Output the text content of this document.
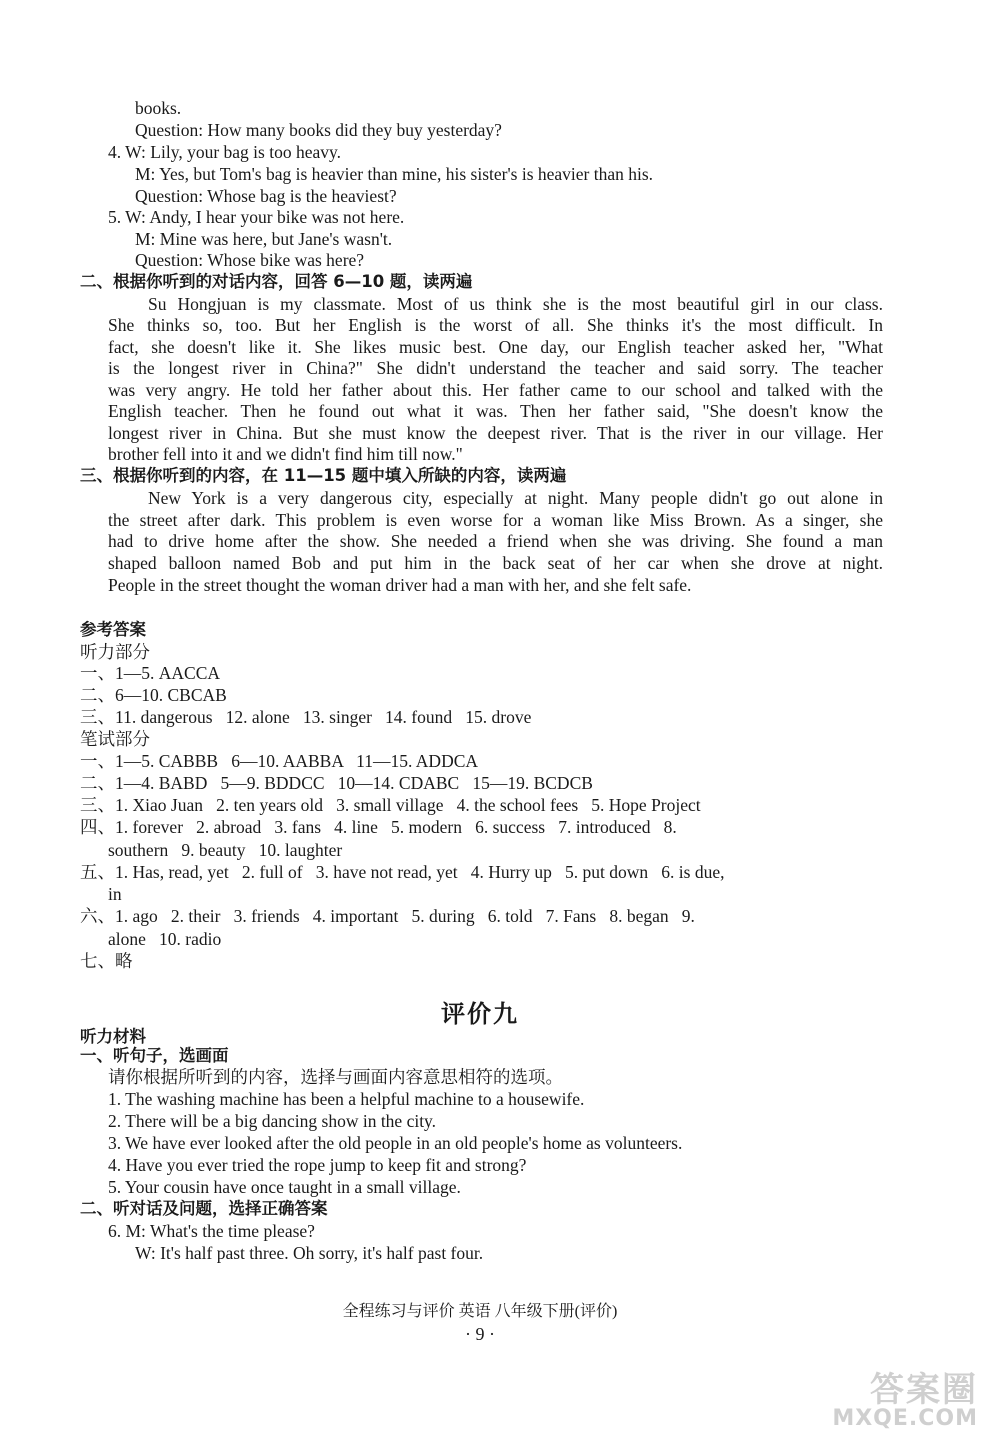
books.
Question: How many books did they buy yesterday?
4. W: Lily, your bag is too heavy.
M: Yes, but Tom's bag is heavier than mine, his sister's is heavier than his.
Question: Whose bag is the heaviest?
5. W: Andy, I hear your bike was not here.
M: Mine was here, but Jane's wasn't.
Question: Whose bike was here?
二、根据你听到的对话内容，回答 6—10 题，读两遍
Su Hongjuan is my classmate. Most of us think she is the most beautiful girl in our class.
She thinks so, too. But her English is the worst of all. She thinks it's the most difficult. In
fact, she doesn't like it. She likes music best. One day, our English teacher asked her, "What
is the longest river in China?" She didn't understand the teacher and said sorry. The teacher
was very angry. He told her father about this. Her father came to our school and talked with the
English teacher. Then he found out what it was. Then her father said, "She doesn't know the
longest river in China. But she must know the deepest river. That is the river in our village. Her
brother fell into it and we didn't find him till now."
三、根据你听到的内容，在 11—15 题中填入所缺的内容，读两遍
New York is a very dangerous city, especially at night. Many people didn't go out alone in
the street after dark. This problem is even worse for a woman like Miss Brown. As a singer, she
had to drive home after the show. She needed a friend when she was driving. She found a man
shaped balloon named Bob and put him in the back seat of her car when she drove at night.
People in the street thought the woman driver had a man with her, and she felt safe.
参考答案
听力部分
一、1—5. AACCA
二、6—10. CBCAB
三、11. dangerous   12. alone   13. singer   14. found   15. drove
笔试部分
一、1—5. CABBB   6—10. AABBA   11—15. ADDCA
二、1—4. BABD   5—9. BDDCC   10—14. CDABC   15—19. BCDCB
三、1. Xiao Juan   2. ten years old   3. small village   4. the school fees   5. Hope Project
四、1. forever   2. abroad   3. fans   4. line   5. modern   6. success   7. introduced   8.
southern   9. beauty   10. laughter
五、1. Has, read, yet   2. full of   3. have not read, yet   4. Hurry up   5. put down   6. is due,
in
六、1. ago   2. their   3. friends   4. important   5. during   6. told   7. Fans   8. began   9.
alone   10. radio
七、略
评价九
听力材料
一、听句子，选画面
请你根据所听到的内容，选择与画面内容意思相符的选项。
1. The washing machine has been a helpful machine to a housewife.
2. There will be a big dancing show in the city.
3. We have ever looked after the old people in an old people's home as volunteers.
4. Have you ever tried the rope jump to keep fit and strong?
5. Your cousin have once taught in a small village.
二、听对话及问题，选择正确答案
6. M: What's the time please?
W: It's half past three. Oh sorry, it's half past four.
全程练习与评价 英语 八年级下册(评价)
· 9 ·
答案圈
MXQE.COM
